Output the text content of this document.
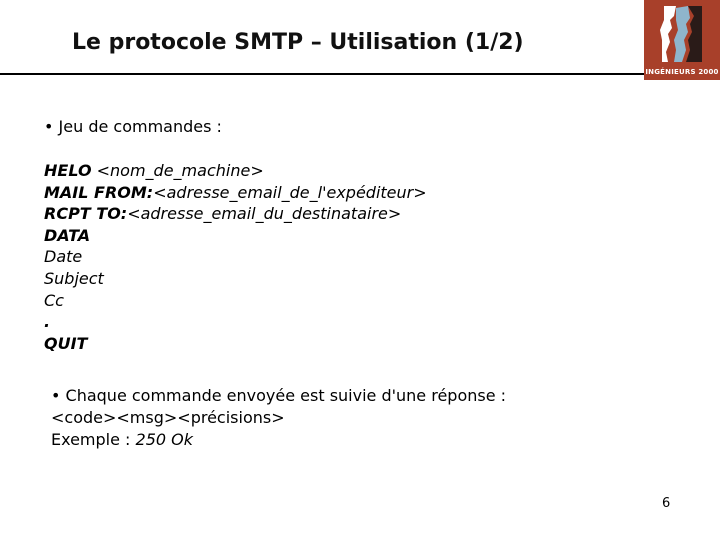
Le protocole SMTP – Utilisation (1/2)
INGÉNIEURS 2000
• Jeu de commandes :
HELO <nom_de_machine>
MAIL FROM:<adresse_email_de_l'expéditeur>
RCPT TO:<adresse_email_du_destinataire>
DATA
Date
Subject
Cc
.
QUIT
• Chaque commande envoyée est suivie d'une réponse :
<code><msg><précisions>
Exemple : 250 Ok
6
